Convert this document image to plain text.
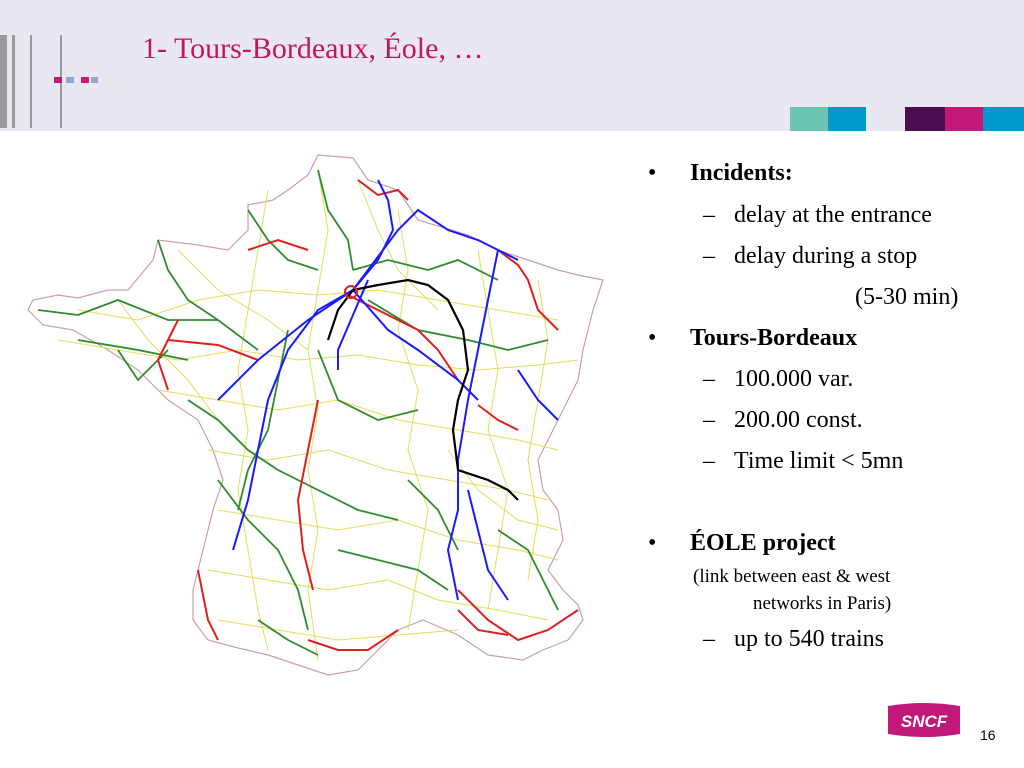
1- Tours-Bordeaux, Éole, …
• Incidents:
– delay at the entrance
– delay during a stop
(5-30 min)
• Tours-Bordeaux
– 100.000 var.
– 200.00 const.
– Time limit < 5mn
• ÉOLE project
(link between east & west
networks in Paris)
– up to 540 trains
SNCF
16
